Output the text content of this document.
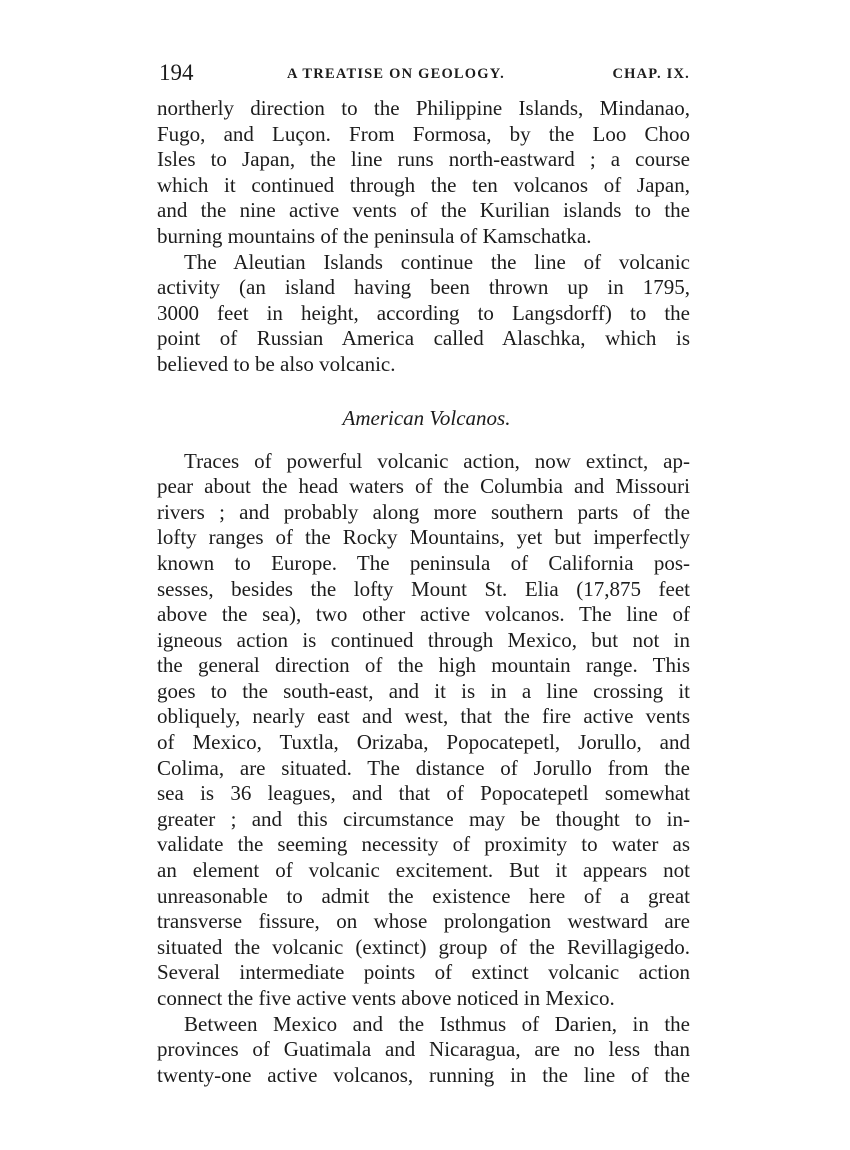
194	A TREATISE ON GEOLOGY.	CHAP. IX.

northerly direction to the Philippine Islands, Mindanao,
Fugo, and Luçon. From Formosa, by the Loo Choo
Isles to Japan, the line runs north-eastward ; a course
which it continued through the ten volcanos of Japan,
and the nine active vents of the Kurilian islands to the
burning mountains of the peninsula of Kamschatka.

The Aleutian Islands continue the line of volcanic
activity (an island having been thrown up in 1795,
3000 feet in height, according to Langsdorff) to the
point of Russian America called Alaschka, which is
believed to be also volcanic.

American Volcanos.

Traces of powerful volcanic action, now extinct, ap-
pear about the head waters of the Columbia and Missouri
rivers ; and probably along more southern parts of the
lofty ranges of the Rocky Mountains, yet but imperfectly
known to Europe. The peninsula of California pos-
sesses, besides the lofty Mount St. Elia (17,875 feet
above the sea), two other active volcanos. The line of
igneous action is continued through Mexico, but not in
the general direction of the high mountain range. This
goes to the south-east, and it is in a line crossing it
obliquely, nearly east and west, that the fire active vents
of Mexico, Tuxtla, Orizaba, Popocatepetl, Jorullo, and
Colima, are situated. The distance of Jorullo from the
sea is 36 leagues, and that of Popocatepetl somewhat
greater ; and this circumstance may be thought to in-
validate the seeming necessity of proximity to water as
an element of volcanic excitement. But it appears not
unreasonable to admit the existence here of a great
transverse fissure, on whose prolongation westward are
situated the volcanic (extinct) group of the Revillagigedo.
Several intermediate points of extinct volcanic action
connect the five active vents above noticed in Mexico.

Between Mexico and the Isthmus of Darien, in the
provinces of Guatimala and Nicaragua, are no less than
twenty-one active volcanos, running in the line of the
